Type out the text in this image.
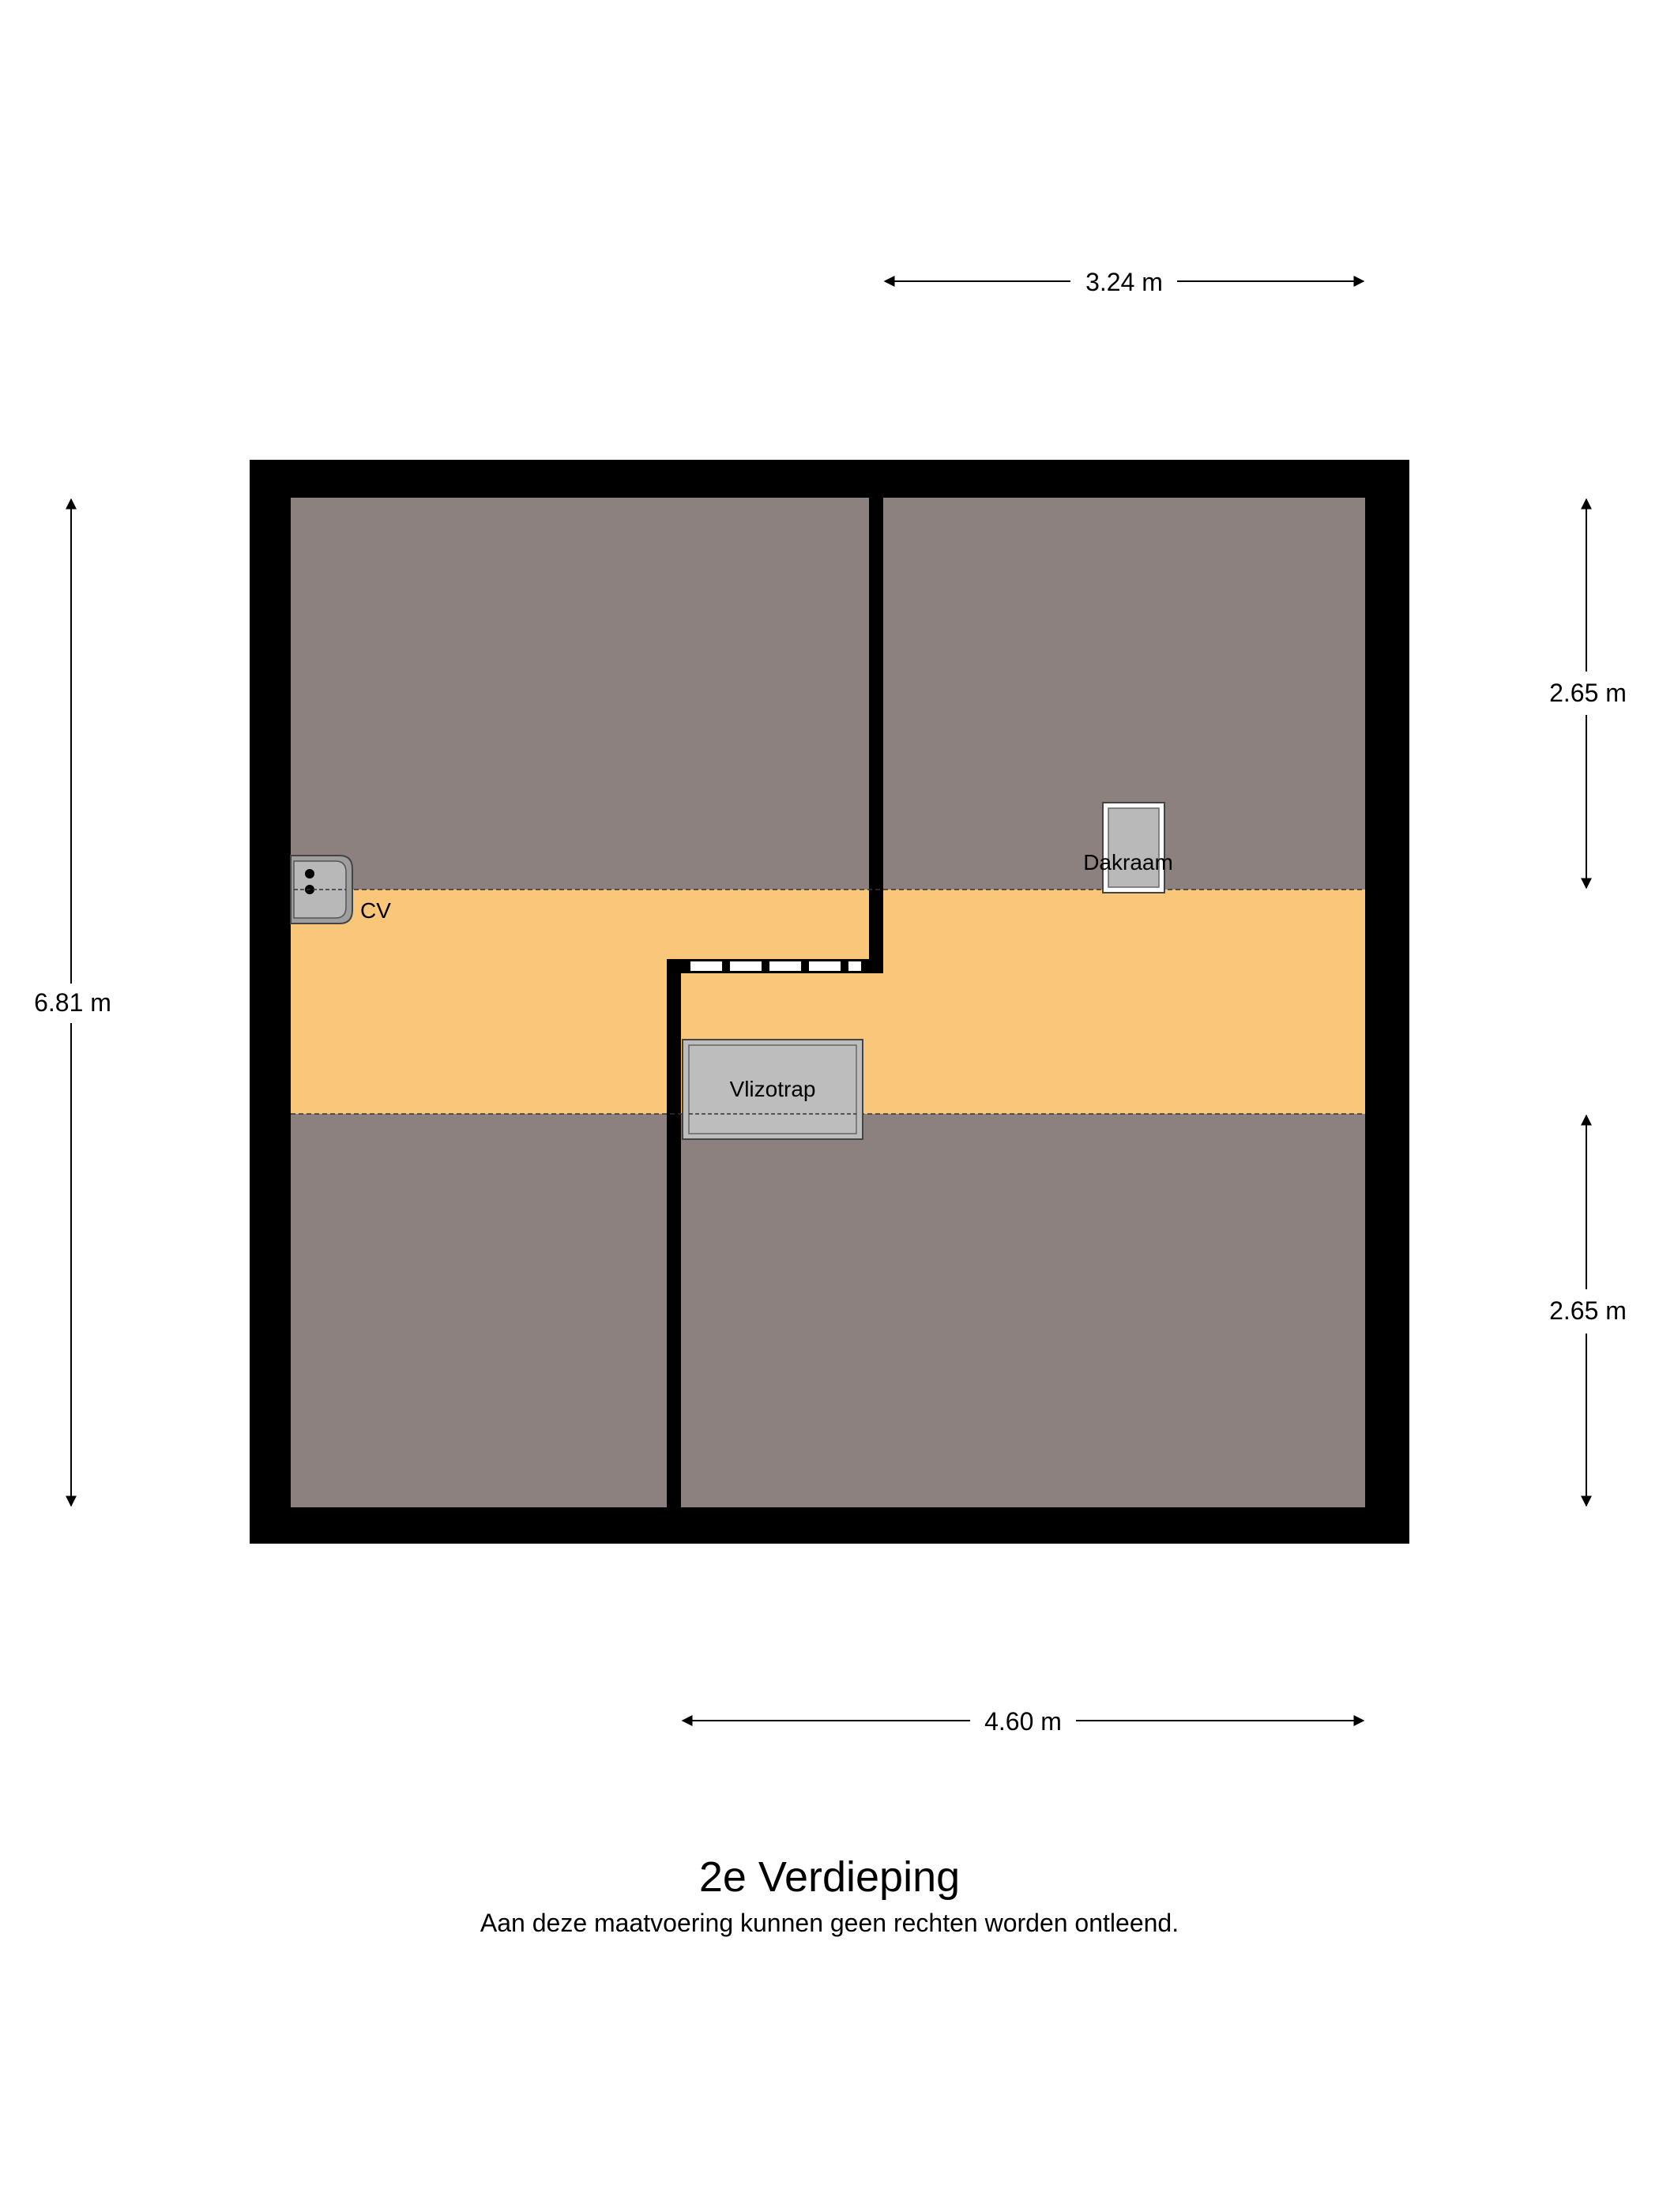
CV
Dakraam
Vlizotrap
3.24 m
4.60 m
6.81 m
2.65 m
2.65 m
2e Verdieping

Aan deze maatvoering kunnen geen rechten worden ontleend.
